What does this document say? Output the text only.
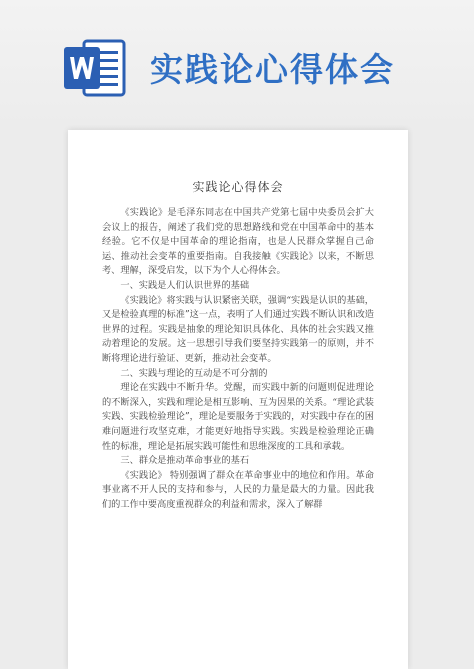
实践论心得体会
实践论心得体会

《实践论》是毛泽东同志在中国共产党第七届中央委员会扩大会议上的报告，阐述了我们党的思想路线和党在中国革命中的基本经验。它不仅是中国革命的理论指南，也是人民群众掌握自己命运、推动社会变革的重要指南。自我接触《实践论》以来，不断思考、理解，深受启发，以下为个人心得体会。

一、实践是人们认识世界的基础

《实践论》将实践与认识紧密关联，强调“实践是认识的基础，又是检验真理的标准”这一点，表明了人们通过实践不断认识和改造世界的过程。实践是抽象的理论知识具体化、具体的社会实践又推动着理论的发展。这一思想引导我们要坚持实践第一的原则，并不断将理论进行验证、更新，推动社会变革。

二、实践与理论的互动是不可分割的

理论在实践中不断升华。党醒，而实践中新的问题则促进理论的不断深入，实践和理论是相互影响、互为因果的关系。“理论武装实践、实践检验理论”，理论是要服务于实践的，对实践中存在的困难问题进行攻坚克难，才能更好地指导实践。实践是检验理论正确性的标准，理论是拓展实践可能性和思维深度的工具和承载。

三、群众是推动革命事业的基石

《实践论》 特别强调了群众在革命事业中的地位和作用。革命事业离不开人民的支持和参与，人民的力量是最大的力量。因此我们的工作中要高度重视群众的利益和需求，深入了解群
